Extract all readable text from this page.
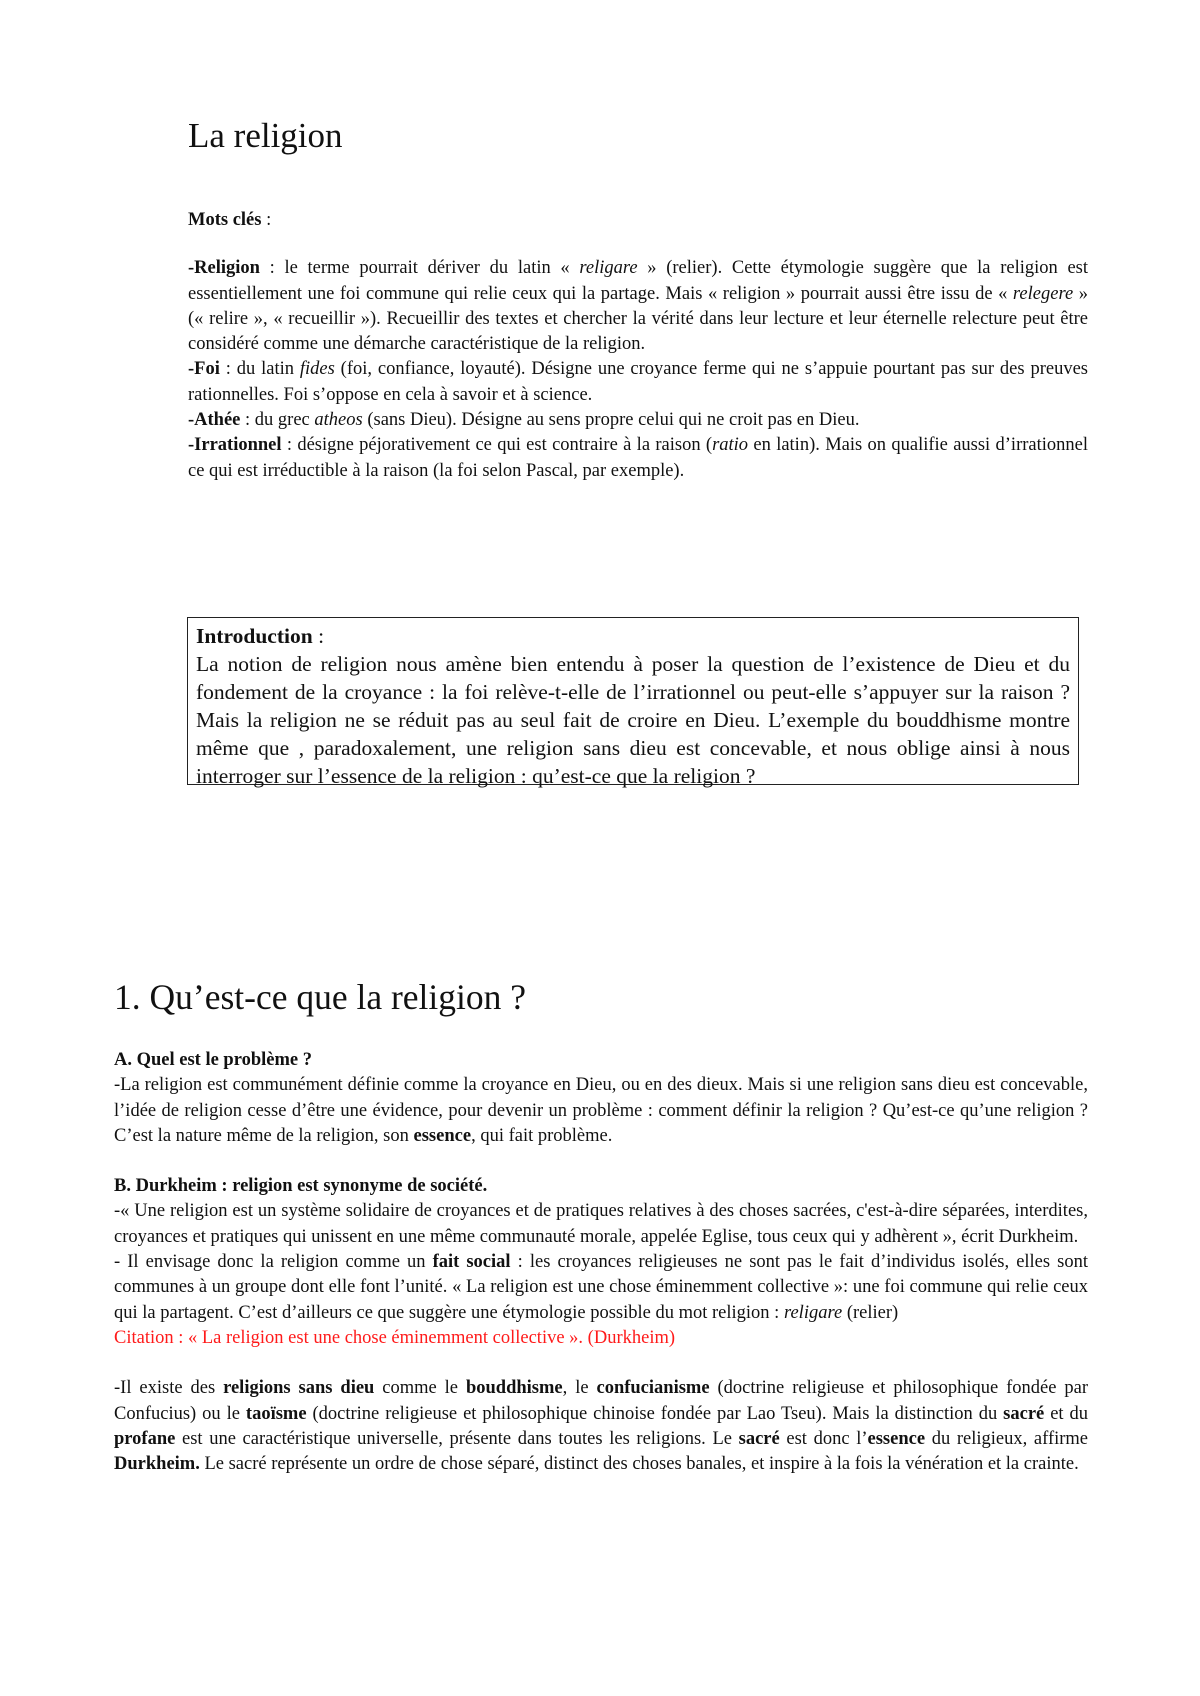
La religion

Mots clés :

-Religion : le terme pourrait dériver du latin « religare » (relier). Cette étymologie suggère que la religion est essentiellement une foi commune qui relie ceux qui la partage. Mais « religion » pourrait aussi être issu de « relegere » (« relire », « recueillir »). Recueillir des textes et chercher la vérité dans leur lecture et leur éternelle relecture peut être considéré comme une démarche caractéristique de la religion.

-Foi : du latin fides (foi, confiance, loyauté). Désigne une croyance ferme qui ne s’appuie pourtant pas sur des preuves rationnelles. Foi s’oppose en cela à savoir et à science.

-Athée : du grec atheos (sans Dieu). Désigne au sens propre celui qui ne croit pas en Dieu.

-Irrationnel : désigne péjorativement ce qui est contraire à la raison (ratio en latin). Mais on qualifie aussi d’irrationnel ce qui est irréductible à la raison (la foi selon Pascal, par exemple).

Introduction :

La notion de religion nous amène bien entendu à poser la question de l’existence de Dieu et du fondement de la croyance : la foi relève-t-elle de l’irrationnel ou peut-elle s’appuyer sur la raison ? Mais la religion ne se réduit pas au seul fait de croire en Dieu. L’exemple du bouddhisme montre même que , paradoxalement, une religion sans dieu est concevable, et nous oblige ainsi à nous interroger sur l’essence de la religion : qu’est-ce que la religion ?

1. Qu’est-ce que la religion ?

A. Quel est le problème ?

-La religion est communément définie comme la croyance en Dieu, ou en des dieux. Mais si une religion sans dieu est concevable, l’idée de religion cesse d’être une évidence, pour devenir un problème : comment définir la religion ? Qu’est-ce qu’une religion ? C’est la nature même de la religion, son essence, qui fait problème.

B. Durkheim : religion est synonyme de société.

-« Une religion est un système solidaire de croyances et de pratiques relatives à des choses sacrées, c'est-à-dire séparées, interdites, croyances et pratiques qui unissent en une même communauté morale, appelée Eglise, tous ceux qui y adhèrent », écrit Durkheim.

- Il envisage donc la religion comme un fait social : les croyances religieuses ne sont pas le fait d’individus isolés, elles sont communes à un groupe dont elle font l’unité. « La religion est une chose éminemment collective »: une foi commune qui relie ceux qui la partagent. C’est d’ailleurs ce que suggère une étymologie possible du mot religion : religare (relier)

Citation : « La religion est une chose éminemment collective ». (Durkheim)

-Il existe des religions sans dieu comme le bouddhisme, le confucianisme (doctrine religieuse et philosophique fondée par Confucius) ou le taoïsme (doctrine religieuse et philosophique chinoise fondée par Lao Tseu). Mais la distinction du sacré et du profane est une caractéristique universelle, présente dans toutes les religions. Le sacré est donc l’essence du religieux, affirme Durkheim. Le sacré représente un ordre de chose séparé, distinct des choses banales, et inspire à la fois la vénération et la crainte.
